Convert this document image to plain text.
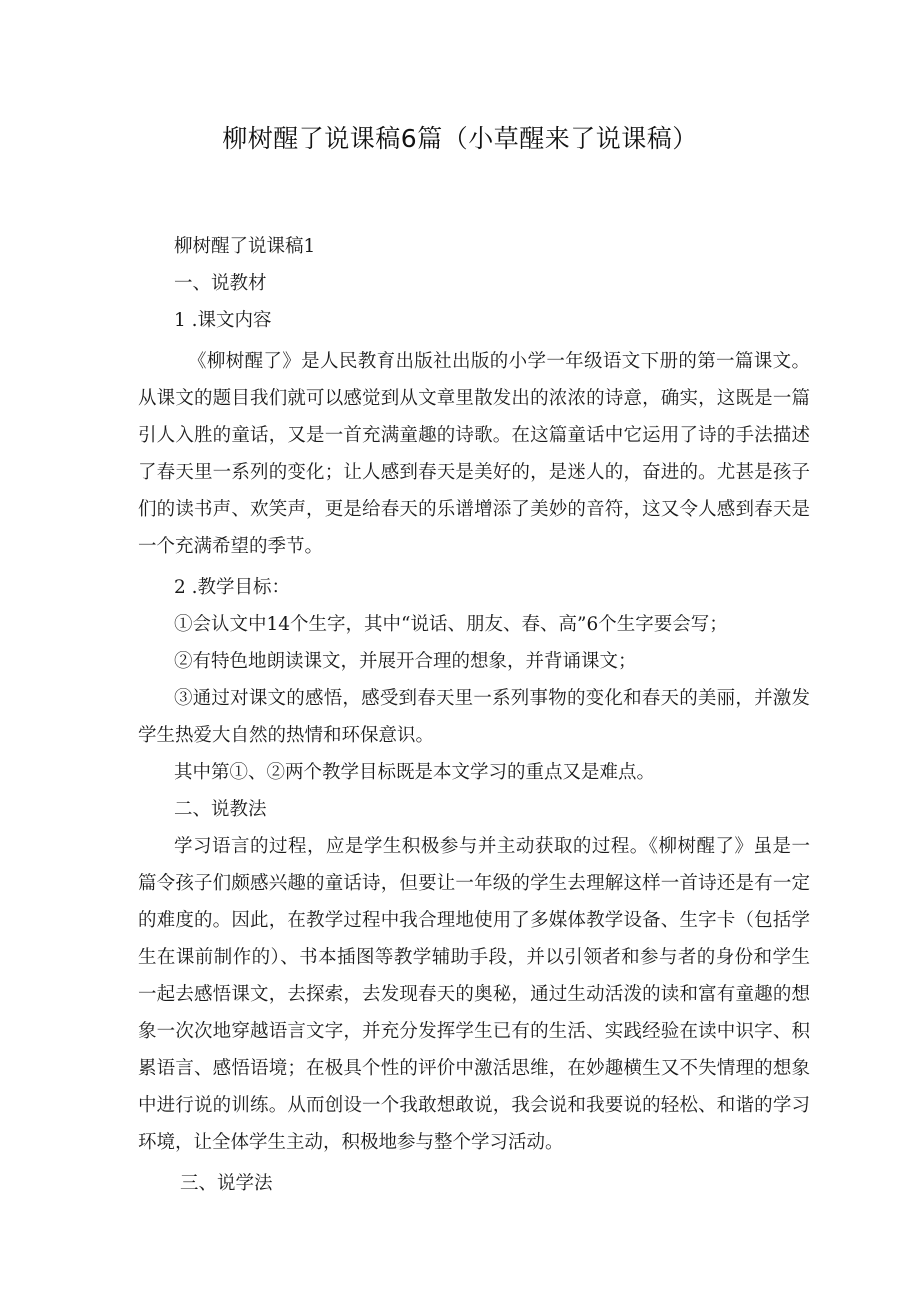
柳树醒了说课稿6篇（小草醒来了说课稿）

柳树醒了说课稿1

一、说教材

1 .课文内容

《柳树醒了》是人民教育出版社出版的小学一年级语文下册的第一篇课文。从课文的题目我们就可以感觉到从文章里散发出的浓浓的诗意，确实，这既是一篇引人入胜的童话，又是一首充满童趣的诗歌。在这篇童话中它运用了诗的手法描述了春天里一系列的变化；让人感到春天是美好的，是迷人的，奋进的。尤甚是孩子们的读书声、欢笑声，更是给春天的乐谱增添了美妙的音符，这又令人感到春天是一个充满希望的季节。

2 .教学目标：

①会认文中14个生字，其中“说话、朋友、春、高”6个生字要会写；

②有特色地朗读课文，并展开合理的想象，并背诵课文；

③通过对课文的感悟，感受到春天里一系列事物的变化和春天的美丽，并激发学生热爱大自然的热情和环保意识。

其中第①、②两个教学目标既是本文学习的重点又是难点。

二、说教法

学习语言的过程，应是学生积极参与并主动获取的过程。《柳树醒了》虽是一篇令孩子们颇感兴趣的童话诗，但要让一年级的学生去理解这样一首诗还是有一定的难度的。因此，在教学过程中我合理地使用了多媒体教学设备、生字卡（包括学生在课前制作的）、书本插图等教学辅助手段，并以引领者和参与者的身份和学生一起去感悟课文，去探索，去发现春天的奥秘，通过生动活泼的读和富有童趣的想象一次次地穿越语言文字，并充分发挥学生已有的生活、实践经验在读中识字、积累语言、感悟语境；在极具个性的评价中激活思维，在妙趣横生又不失情理的想象中进行说的训练。从而创设一个我敢想敢说，我会说和我要说的轻松、和谐的学习环境，让全体学生主动，积极地参与整个学习活动。

三、说学法
